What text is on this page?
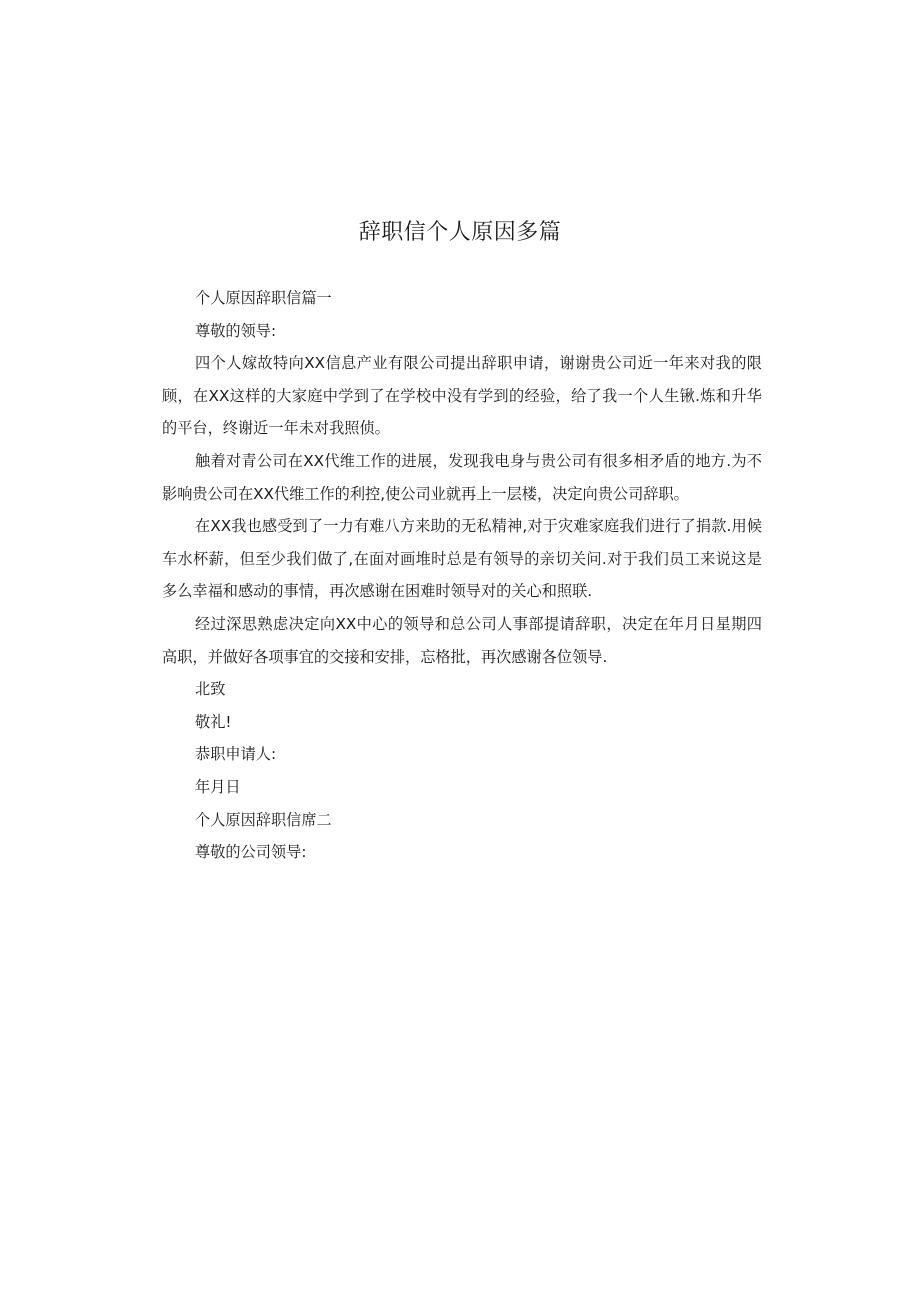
辞职信个人原因多篇

个人原因辞职信篇一

尊敬的领导:

四个人嫁故特向XX信息产业有限公司提出辞职申请，谢谢贵公司近一年来对我的限顾，在XX这样的大家庭中学到了在学校中没有学到的经验，给了我一个人生锹.炼和升华的平台，终谢近一年未对我照侦。

触着对青公司在XX代维工作的进展，发现我电身与贵公司有很多相矛盾的地方.为不影响贵公司在XX代维工作的利控,使公司业就再上一层楼，决定向贵公司辞职。

在XX我也感受到了一力有难八方来助的无私精神,对于灾难家庭我们进行了捐款.用候车水杯薪，但至少我们做了,在面对画堆时总是有领导的亲切关问.对于我们员工来说这是多么幸福和感动的事情，再次感谢在困难时领导对的关心和照联.

经过深思熟虑决定向XX中心的领导和总公司人事部提请辞职，决定在年月日星期四高职，并做好各项事宜的交接和安排，忘格批，再次感谢各位领导.

北致

敬礼!

恭职申请人:

年月日

个人原因辞职信席二

尊敬的公司领导:
